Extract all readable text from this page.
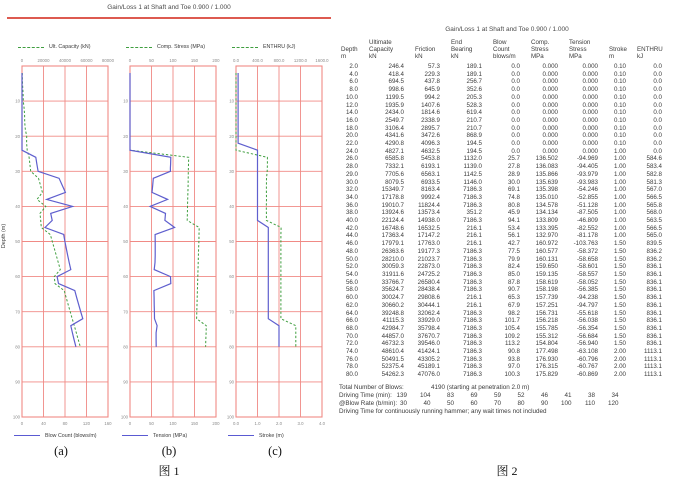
Gain/Loss 1 at Shaft and Toe 0.900 / 1.000
Depth (m)
Ult. Capacity (kN)
0
0
20000
40
40000
80
60000
120
80000
160
10
20
30
40
50
60
70
80
90
100
Blow Count (blows/m)
(a)
Comp. Stress (MPa)
0
0
50
50
100
100
150
150
200
200
10
20
30
40
50
60
70
80
90
100
Tension (MPa)
(b)
ENTHRU (kJ)
0.0
0.0
400.0
1.0
800.0
2.0
1200.0
3.0
1600.0
4.0
10
20
30
40
50
60
70
80
90
100
Stroke (m)
(c)
图 1
Gain/Loss 1 at Shaft and Toe 0.900 / 1.000
Depth
m

Ultimate
Capacity
kN

Friction
kN

End
Bearing
kN

Blow
Count
blows/m

Comp.
Stress
MPa

Tension
Stress
MPa

Stroke
m

ENTHRU
kJ

2.0	246.4	57.3	189.1	0.0	0.000	0.000	0.10	0.0
4.0	418.4	229.3	189.1	0.0	0.000	0.000	0.10	0.0
6.0	694.5	437.8	256.7	0.0	0.000	0.000	0.10	0.0
8.0	998.6	645.9	352.6	0.0	0.000	0.000	0.10	0.0
10.0	1199.5	994.2	205.3	0.0	0.000	0.000	0.10	0.0
12.0	1935.9	1407.6	528.3	0.0	0.000	0.000	0.10	0.0
14.0	2434.0	1814.6	619.4	0.0	0.000	0.000	0.10	0.0
16.0	2549.7	2338.9	210.7	0.0	0.000	0.000	0.10	0.0
18.0	3106.4	2895.7	210.7	0.0	0.000	0.000	0.10	0.0
20.0	4341.6	3472.6	868.9	0.0	0.000	0.000	0.10	0.0
22.0	4290.8	4096.3	194.5	0.0	0.000	0.000	0.10	0.0
24.0	4827.1	4632.5	194.5	0.0	0.000	0.000	1.00	0.0
26.0	6585.8	5453.8	1132.0	25.7	136.502	-94.969	1.00	584.6
28.0	7332.1	6193.1	1139.0	27.8	136.083	-94.405	1.00	583.4
29.0	7705.6	6563.1	1142.5	28.9	135.866	-93.979	1.00	582.8
30.0	8079.5	6933.5	1146.0	30.0	135.639	-93.983	1.00	581.3
32.0	15349.7	8163.4	7186.3	69.1	135.398	-54.246	1.00	567.0
34.0	17178.8	9992.4	7186.3	74.8	135.010	-52.855	1.00	566.5
36.0	19010.7	11824.4	7186.3	80.8	134.578	-51.128	1.00	565.8
38.0	13924.6	13573.4	351.2	45.9	134.134	-87.505	1.00	568.0
40.0	22124.4	14938.0	7186.3	94.1	133.809	-46.809	1.00	563.5
42.0	16748.6	16532.5	216.1	53.4	133.395	-82.552	1.00	566.5
44.0	17363.4	17147.2	216.1	56.1	132.970	-81.178	1.00	565.0
46.0	17979.1	17763.0	216.1	42.7	160.972	-103.763	1.50	839.5
48.0	26363.6	19177.3	7186.3	77.5	160.577	-58.372	1.50	836.2
50.0	28210.0	21023.7	7186.3	79.9	160.131	-58.658	1.50	836.2
52.0	30059.3	22873.0	7186.3	82.4	159.650	-58.601	1.50	836.1
54.0	31911.6	24725.2	7186.3	85.0	159.135	-58.557	1.50	836.1
56.0	33766.7	26580.4	7186.3	87.8	158.619	-58.052	1.50	836.1
58.0	35624.7	28438.4	7186.3	90.7	158.198	-56.385	1.50	836.1
60.0	30024.7	29808.6	216.1	65.3	157.739	-94.238	1.50	836.1
62.0	30660.2	30444.1	216.1	67.9	157.251	-94.797	1.50	836.1
64.0	39248.8	32062.4	7186.3	98.2	156.731	-55.618	1.50	836.1
66.0	41115.3	33929.0	7186.3	101.7	156.218	-56.038	1.50	836.1
68.0	42984.7	35798.4	7186.3	105.4	155.785	-56.354	1.50	836.1
70.0	44857.0	37670.7	7186.3	109.2	155.312	-56.684	1.50	836.1
72.0	46732.3	39546.0	7186.3	113.2	154.804	-56.940	1.50	836.1
74.0	48610.4	41424.1	7186.3	90.8	177.498	-63.108	2.00	1113.1
76.0	50491.5	43305.2	7186.3	93.8	176.930	-60.796	2.00	1113.1
78.0	52375.4	45189.1	7186.3	97.0	176.315	-60.767	2.00	1113.1
80.0	54262.3	47076.0	7186.3	100.3	175.829	-60.869	2.00	1113.1
Total Number of Blows:	4190 (starting at penetration 2.0 m)
Driving Time (min): 139	104	83	69	59	52	46	41	38	34
@Blow Rate (b/min): 30	40	50	60	70	80	90	100	110	120
Driving Time for continuously running hammer; any wait times not included
图 2
